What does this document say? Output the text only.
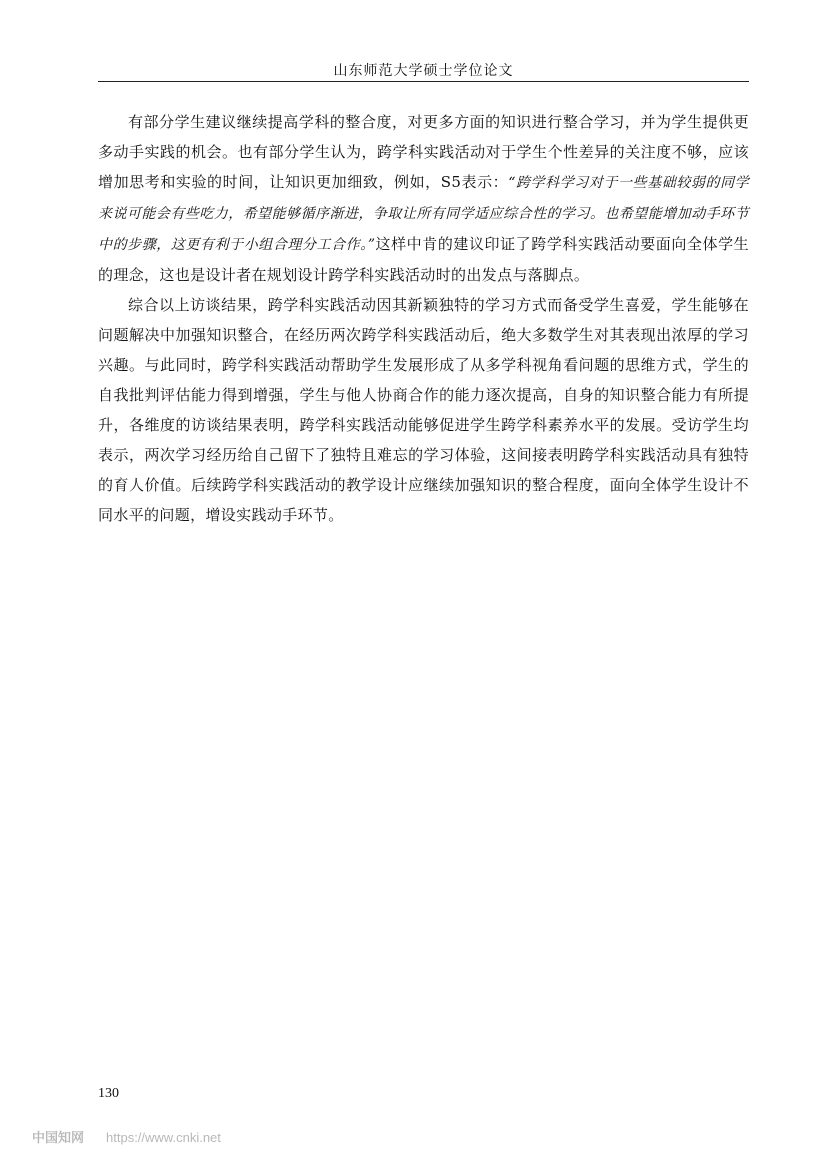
山东师范大学硕士学位论文

有部分学生建议继续提高学科的整合度，对更多方面的知识进行整合学习，并为学生提供更多动手实践的机会。也有部分学生认为，跨学科实践活动对于学生个性差异的关注度不够，应该增加思考和实验的时间，让知识更加细致，例如，S5表示：“跨学科学习对于一些基础较弱的同学来说可能会有些吃力，希望能够循序渐进，争取让所有同学适应综合性的学习。也希望能增加动手环节中的步骤，这更有利于小组合理分工合作。”这样中肯的建议印证了跨学科实践活动要面向全体学生的理念，这也是设计者在规划设计跨学科实践活动时的出发点与落脚点。

综合以上访谈结果，跨学科实践活动因其新颖独特的学习方式而备受学生喜爱，学生能够在问题解决中加强知识整合，在经历两次跨学科实践活动后，绝大多数学生对其表现出浓厚的学习兴趣。与此同时，跨学科实践活动帮助学生发展形成了从多学科视角看问题的思维方式，学生的自我批判评估能力得到增强，学生与他人协商合作的能力逐次提高，自身的知识整合能力有所提升，各维度的访谈结果表明，跨学科实践活动能够促进学生跨学科素养水平的发展。受访学生均表示，两次学习经历给自己留下了独特且难忘的学习体验，这间接表明跨学科实践活动具有独特的育人价值。后续跨学科实践活动的教学设计应继续加强知识的整合程度，面向全体学生设计不同水平的问题，增设实践动手环节。

130
中国知网 https://www.cnki.net
